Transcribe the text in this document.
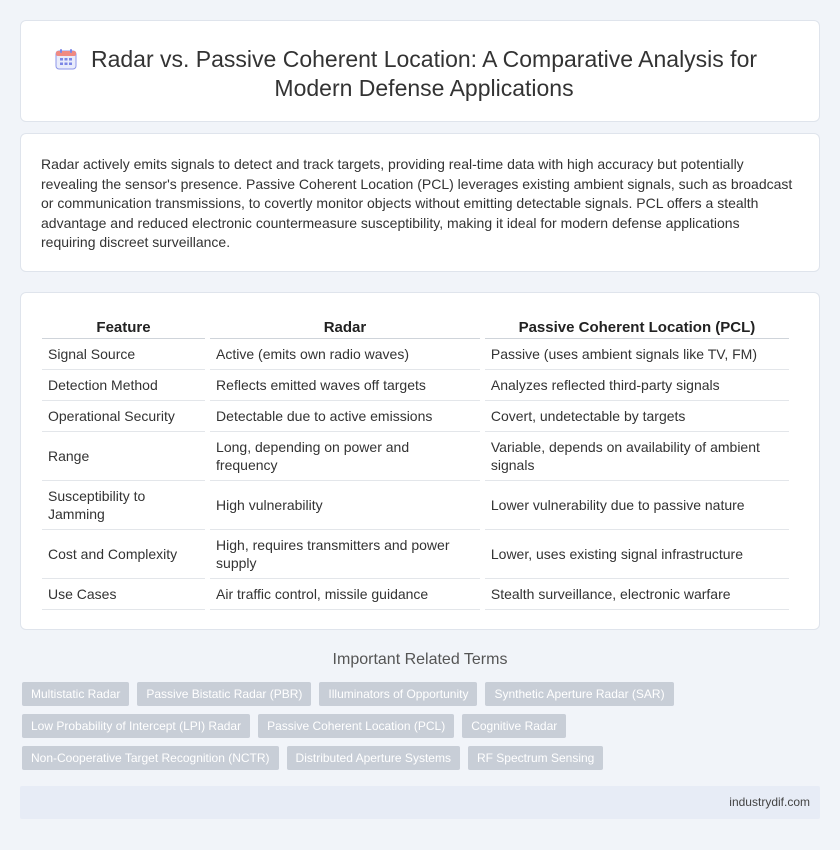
Radar vs. Passive Coherent Location: A Comparative Analysis for Modern Defense Applications

Radar actively emits signals to detect and track targets, providing real-time data with high accuracy but potentially revealing the sensor's presence. Passive Coherent Location (PCL) leverages existing ambient signals, such as broadcast or communication transmissions, to covertly monitor objects without emitting detectable signals. PCL offers a stealth advantage and reduced electronic countermeasure susceptibility, making it ideal for modern defense applications requiring discreet surveillance.

Feature	Radar	Passive Coherent Location (PCL)
Signal Source	Active (emits own radio waves)	Passive (uses ambient signals like TV, FM)
Detection Method	Reflects emitted waves off targets	Analyzes reflected third-party signals
Operational Security	Detectable due to active emissions	Covert, undetectable by targets
Range	Long, depending on power and frequency	Variable, depends on availability of ambient signals
Susceptibility to Jamming	High vulnerability	Lower vulnerability due to passive nature
Cost and Complexity	High, requires transmitters and power supply	Lower, uses existing signal infrastructure
Use Cases	Air traffic control, missile guidance	Stealth surveillance, electronic warfare
Important Related Terms
Multistatic Radar	Passive Bistatic Radar (PBR)	Illuminators of Opportunity	Synthetic Aperture Radar (SAR)
Low Probability of Intercept (LPI) Radar	Passive Coherent Location (PCL)	Cognitive Radar
Non-Cooperative Target Recognition (NCTR)	Distributed Aperture Systems	RF Spectrum Sensing
industrydif.com
